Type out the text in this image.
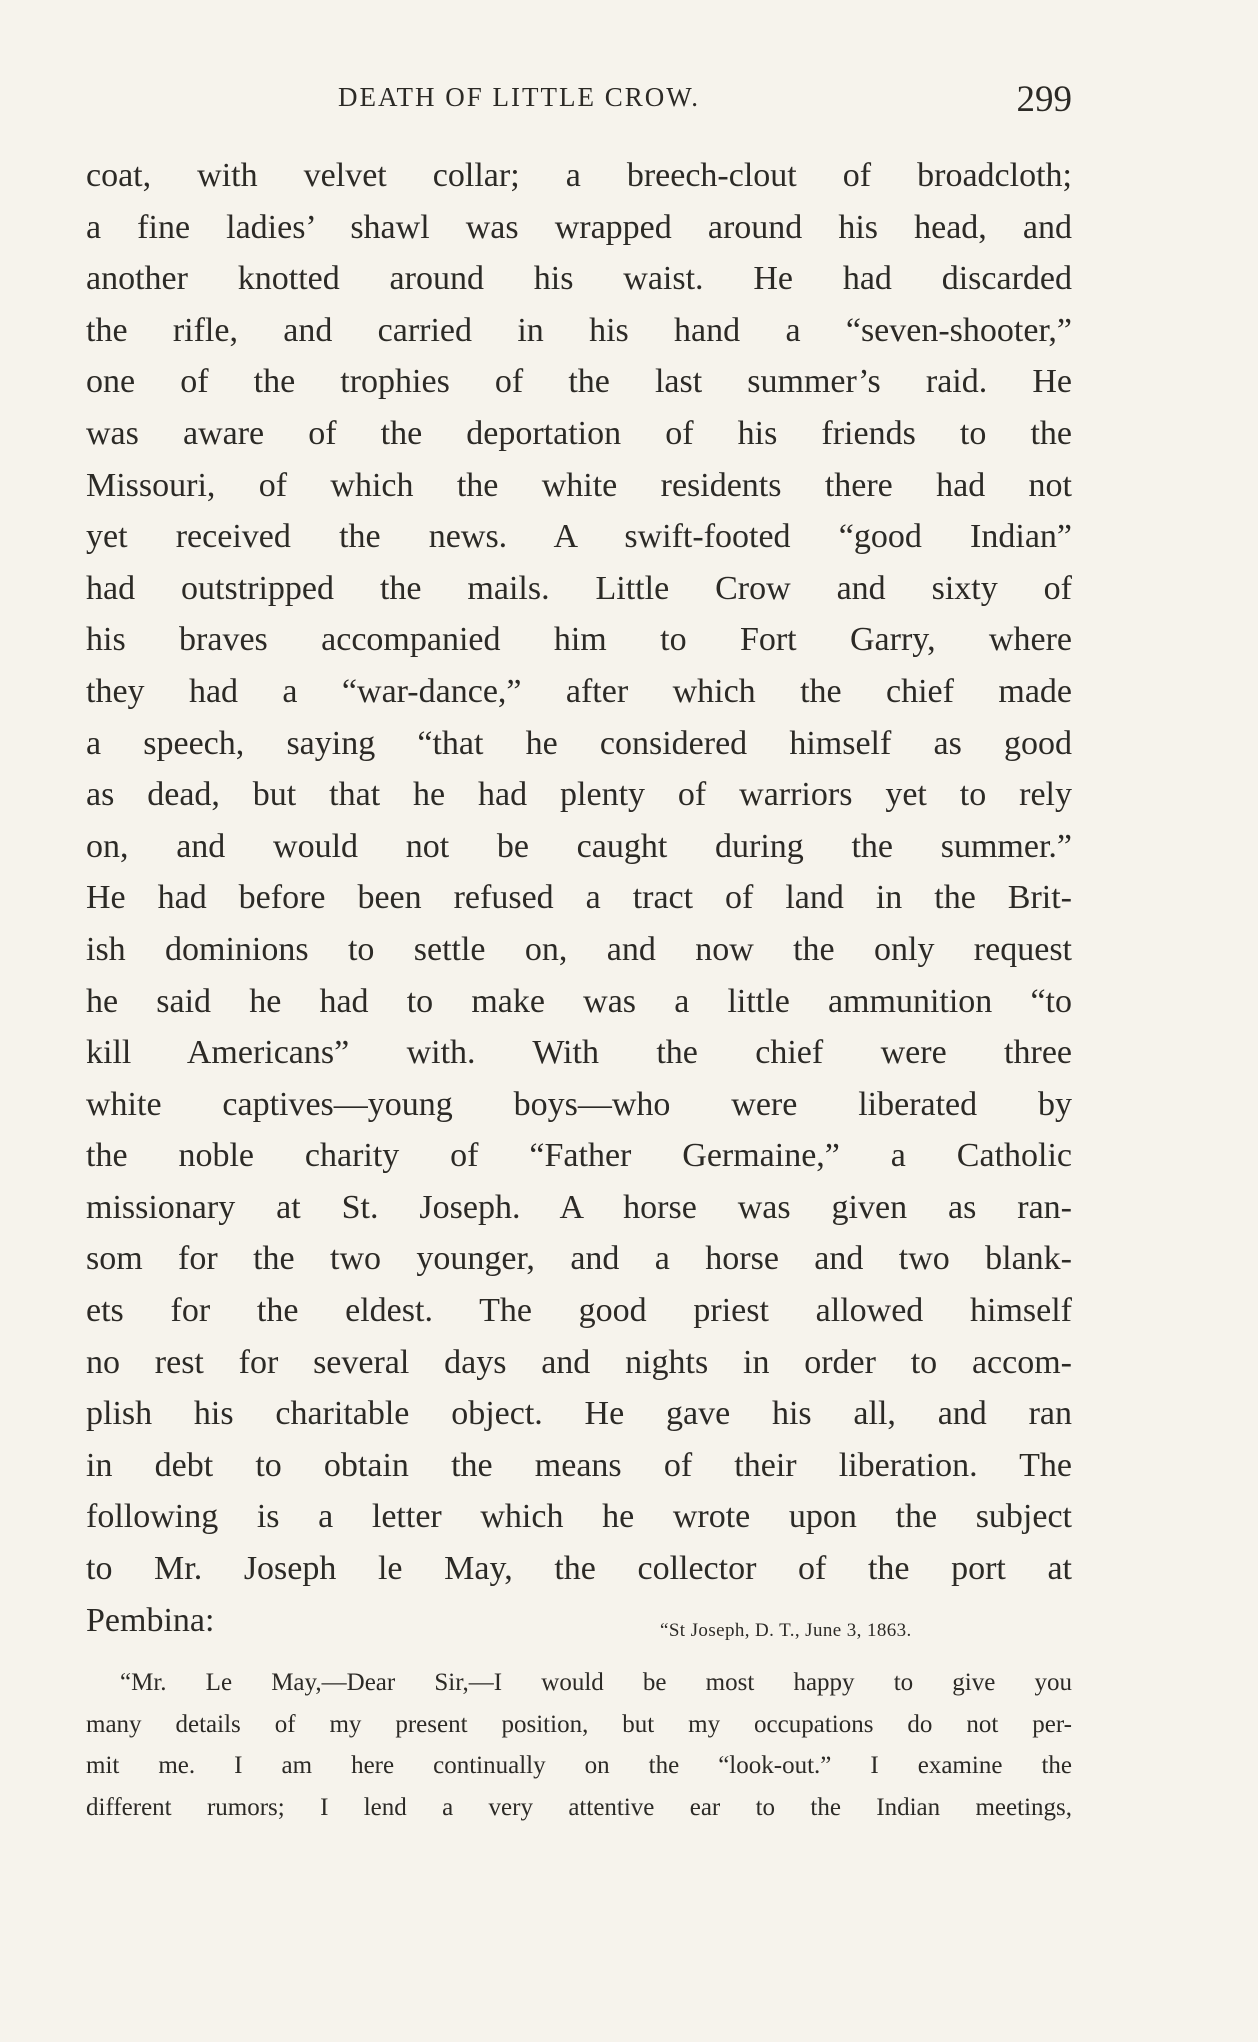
DEATH OF LITTLE CROW.	299
coat, with velvet collar; a breech-clout of broadcloth;
a fine ladies’ shawl was wrapped around his head, and
another knotted around his waist. He had discarded
the rifle, and carried in his hand a “seven-shooter,”
one of the trophies of the last summer’s raid. He
was aware of the deportation of his friends to the
Missouri, of which the white residents there had not
yet received the news. A swift-footed “good Indian”
had outstripped the mails. Little Crow and sixty of
his braves accompanied him to Fort Garry, where
they had a “war-dance,” after which the chief made
a speech, saying “that he considered himself as good
as dead, but that he had plenty of warriors yet to rely
on, and would not be caught during the summer.”
He had before been refused a tract of land in the Brit-
ish dominions to settle on, and now the only request
he said he had to make was a little ammunition “to
kill Americans” with. With the chief were three
white captives—young boys—who were liberated by
the noble charity of “Father Germaine,” a Catholic
missionary at St. Joseph. A horse was given as ran-
som for the two younger, and a horse and two blank-
ets for the eldest. The good priest allowed himself
no rest for several days and nights in order to accom-
plish his charitable object. He gave his all, and ran
in debt to obtain the means of their liberation. The
following is a letter which he wrote upon the subject
to Mr. Joseph le May, the collector of the port at
Pembina:	“St Joseph, D. T., June 3, 1863.
“Mr. Le May,—Dear Sir,—I would be most happy to give you
many details of my present position, but my occupations do not per-
mit me. I am here continually on the “look-out.” I examine the
different rumors; I lend a very attentive ear to the Indian meetings,
